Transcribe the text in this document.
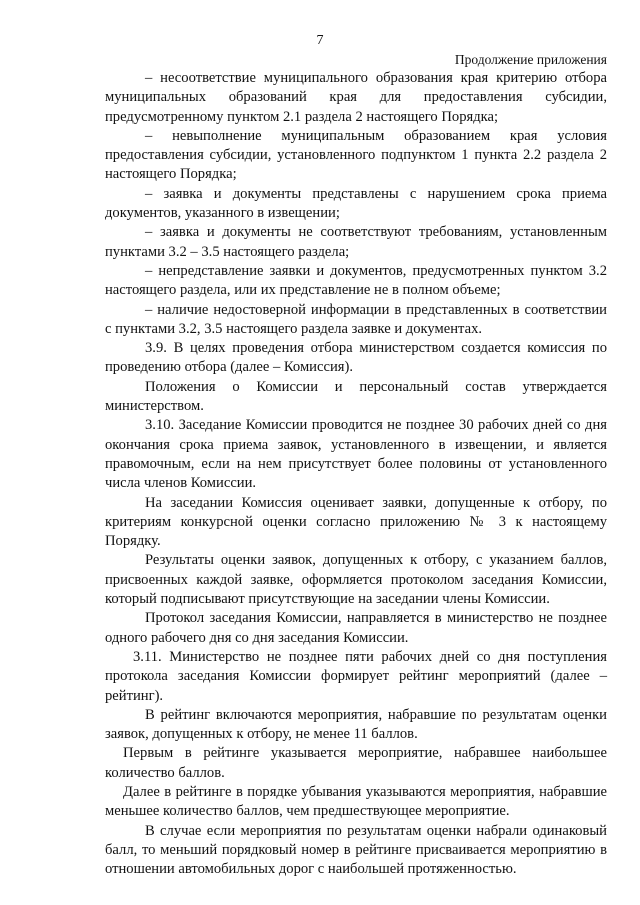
7
Продолжение приложения

– несоответствие муниципального образования края критерию отбора муниципальных образований края для предоставления субсидии, предусмотренному пунктом 2.1 раздела 2 настоящего Порядка;

– невыполнение муниципальным образованием края условия предоставления субсидии, установленного подпунктом 1 пункта 2.2 раздела 2 настоящего Порядка;

– заявка и документы представлены с нарушением срока приема документов, указанного в извещении;

– заявка и документы не соответствуют требованиям, установленным пунктами 3.2 – 3.5 настоящего раздела;

– непредставление заявки и документов, предусмотренных пунктом 3.2 настоящего раздела, или их представление не в полном объеме;

– наличие недостоверной информации в представленных в соответствии с пунктами 3.2, 3.5 настоящего раздела заявке и документах.

3.9. В целях проведения отбора министерством создается комиссия по проведению отбора (далее – Комиссия).

Положения о Комиссии и персональный состав утверждается министерством.

3.10. Заседание Комиссии проводится не позднее 30 рабочих дней со дня окончания срока приема заявок, установленного в извещении, и является правомочным, если на нем присутствует более половины от установленного числа членов Комиссии.

На заседании Комиссия оценивает заявки, допущенные к отбору, по критериям конкурсной оценки согласно приложению № 3 к настоящему Порядку.

Результаты оценки заявок, допущенных к отбору, с указанием баллов, присвоенных каждой заявке, оформляется протоколом заседания Комиссии, который подписывают присутствующие на заседании члены Комиссии.

Протокол заседания Комиссии, направляется в министерство не позднее одного рабочего дня со дня заседания Комиссии.

3.11. Министерство не позднее пяти рабочих дней со дня поступления протокола заседания Комиссии формирует рейтинг мероприятий (далее – рейтинг).

В рейтинг включаются мероприятия, набравшие по результатам оценки заявок, допущенных к отбору, не менее 11 баллов.

Первым в рейтинге указывается мероприятие, набравшее наибольшее количество баллов.

Далее в рейтинге в порядке убывания указываются мероприятия, набравшие меньшее количество баллов, чем предшествующее мероприятие.

В случае если мероприятия по результатам оценки набрали одинаковый балл, то меньший порядковый номер в рейтинге присваивается мероприятию в отношении автомобильных дорог с наибольшей протяженностью.
